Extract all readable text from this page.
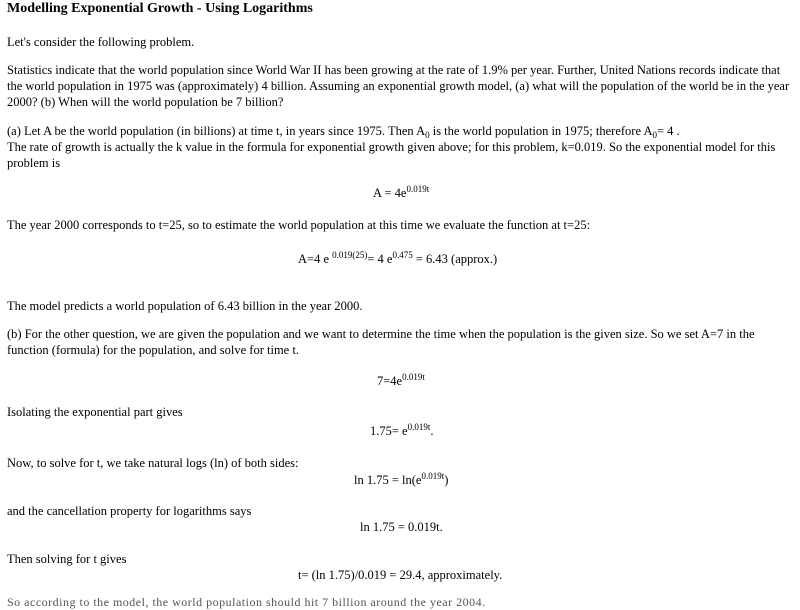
Modelling Exponential Growth - Using Logarithms
Let's consider the following problem.
Statistics indicate that the world population since World War II has been growing at the rate of 1.9% per year. Further, United Nations records indicate that the world population in 1975 was (approximately) 4 billion. Assuming an exponential growth model, (a) what will the population of the world be in the year 2000? (b) When will the world population be 7 billion?
(a) Let A be the world population (in billions) at time t, in years since 1975. Then $A_0$ is the world population in 1975; therefore $A_0= 4$ .
The rate of growth is actually the k value in the formula for exponential growth given above; for this problem, k=0.019. So the exponential model for this problem is
$A = 4e^{0.019t}$
The year 2000 corresponds to t=25, so to estimate the world population at this time we evaluate the function at t=25:
A=4 e $^{0.019(25)}$= 4 $e^{0.475} = 6.43$ (approx.)
The model predicts a world population of 6.43 billion in the year 2000.
(b) For the other question, we are given the population and we want to determine the time when the population is the given size. So we set A=7 in the function (formula) for the population, and solve for time t.
$7=4e^{0.019t}$
Isolating the exponential part gives
$1.75= e^{0.019t}$.
Now, to solve for t, we take natural logs (ln) of both sides:
$\ln 1.75 = \ln(e^{0.019t})$
and the cancellation property for logarithms says
ln 1.75 = 0.019t.
Then solving for t gives
t= (ln 1.75)/0.019 = 29.4, approximately.
So according to the model, the world population should hit 7 billion around the year 2004.
